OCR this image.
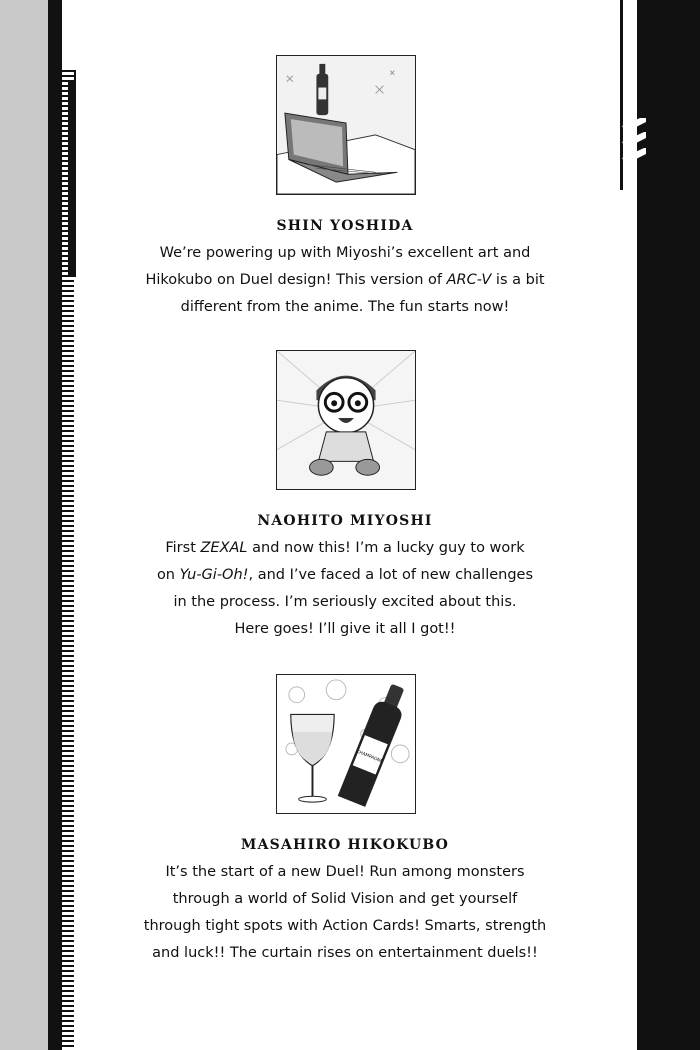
SHIN YOSHIDA

We’re powering up with Miyoshi’s excellent art and
Hikokubo on Duel design! This version of ARC-V is a bit
different from the anime. The fun starts now!

NAOHITO MIYOSHI

First ZEXAL and now this! I’m a lucky guy to work
on Yu-Gi-Oh!, and I’ve faced a lot of new challenges
in the process. I’m seriously excited about this.
Here goes! I’ll give it all I got!!

CHAMPAGNE

MASAHIRO HIKOKUBO

It’s the start of a new Duel! Run among monsters
through a world of Solid Vision and get yourself
through tight spots with Action Cards! Smarts, strength
and luck!! The curtain rises on entertainment duels!!
